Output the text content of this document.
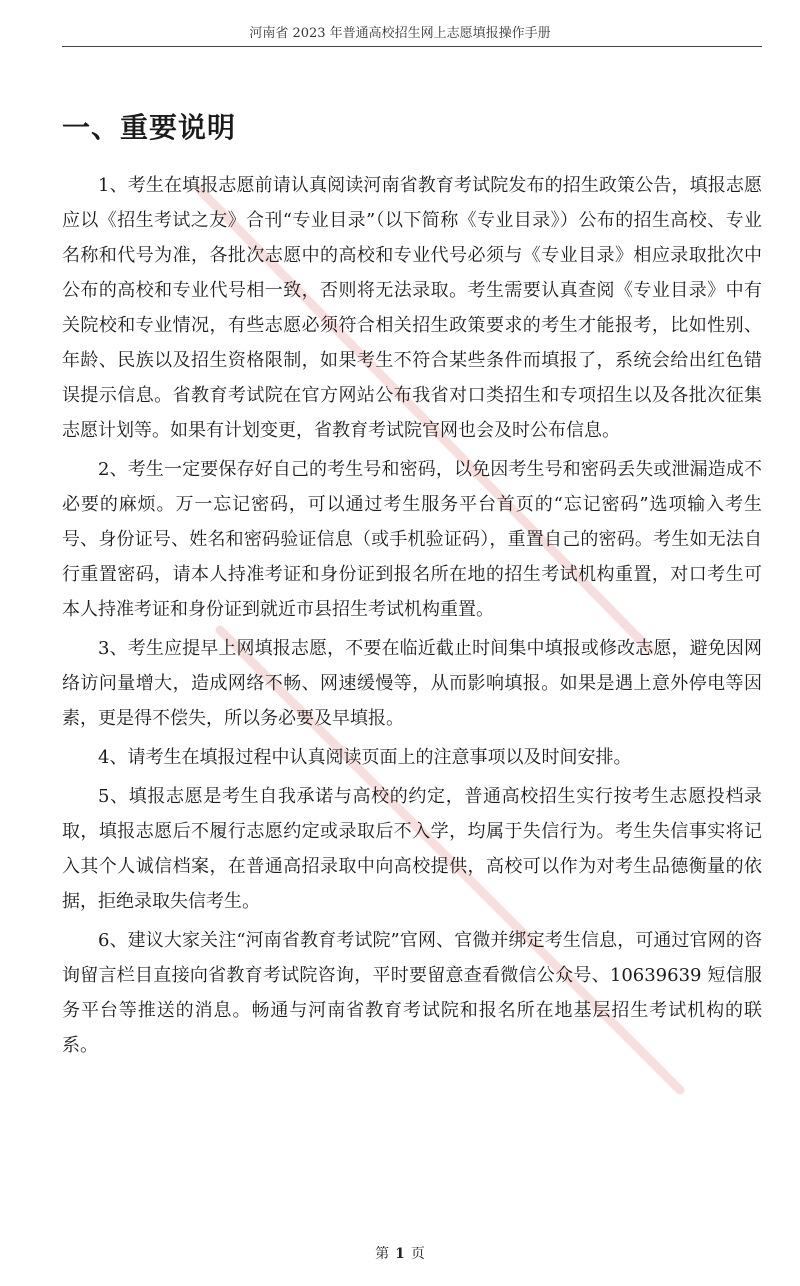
河南省 2023 年普通高校招生网上志愿填报操作手册
一、重要说明

1、考生在填报志愿前请认真阅读河南省教育考试院发布的招生政策公告，填报志愿应以《招生考试之友》合刊“专业目录”（以下简称《专业目录》）公布的招生高校、专业名称和代号为准，各批次志愿中的高校和专业代号必须与《专业目录》相应录取批次中公布的高校和专业代号相一致，否则将无法录取。考生需要认真查阅《专业目录》中有关院校和专业情况，有些志愿必须符合相关招生政策要求的考生才能报考，比如性别、年龄、民族以及招生资格限制，如果考生不符合某些条件而填报了，系统会给出红色错误提示信息。省教育考试院在官方网站公布我省对口类招生和专项招生以及各批次征集志愿计划等。如果有计划变更，省教育考试院官网也会及时公布信息。

2、考生一定要保存好自己的考生号和密码，以免因考生号和密码丢失或泄漏造成不必要的麻烦。万一忘记密码，可以通过考生服务平台首页的“忘记密码”选项输入考生号、身份证号、姓名和密码验证信息（或手机验证码），重置自己的密码。考生如无法自行重置密码，请本人持准考证和身份证到报名所在地的招生考试机构重置，对口考生可本人持准考证和身份证到就近市县招生考试机构重置。

3、考生应提早上网填报志愿，不要在临近截止时间集中填报或修改志愿，避免因网络访问量增大，造成网络不畅、网速缓慢等，从而影响填报。如果是遇上意外停电等因素，更是得不偿失，所以务必要及早填报。

4、请考生在填报过程中认真阅读页面上的注意事项以及时间安排。

5、填报志愿是考生自我承诺与高校的约定，普通高校招生实行按考生志愿投档录取，填报志愿后不履行志愿约定或录取后不入学，均属于失信行为。考生失信事实将记入其个人诚信档案，在普通高招录取中向高校提供，高校可以作为对考生品德衡量的依据，拒绝录取失信考生。

6、建议大家关注“河南省教育考试院”官网、官微并绑定考生信息，可通过官网的咨询留言栏目直接向省教育考试院咨询，平时要留意查看微信公众号、10639639 短信服务平台等推送的消息。畅通与河南省教育考试院和报名所在地基层招生考试机构的联系。

第 1 页
